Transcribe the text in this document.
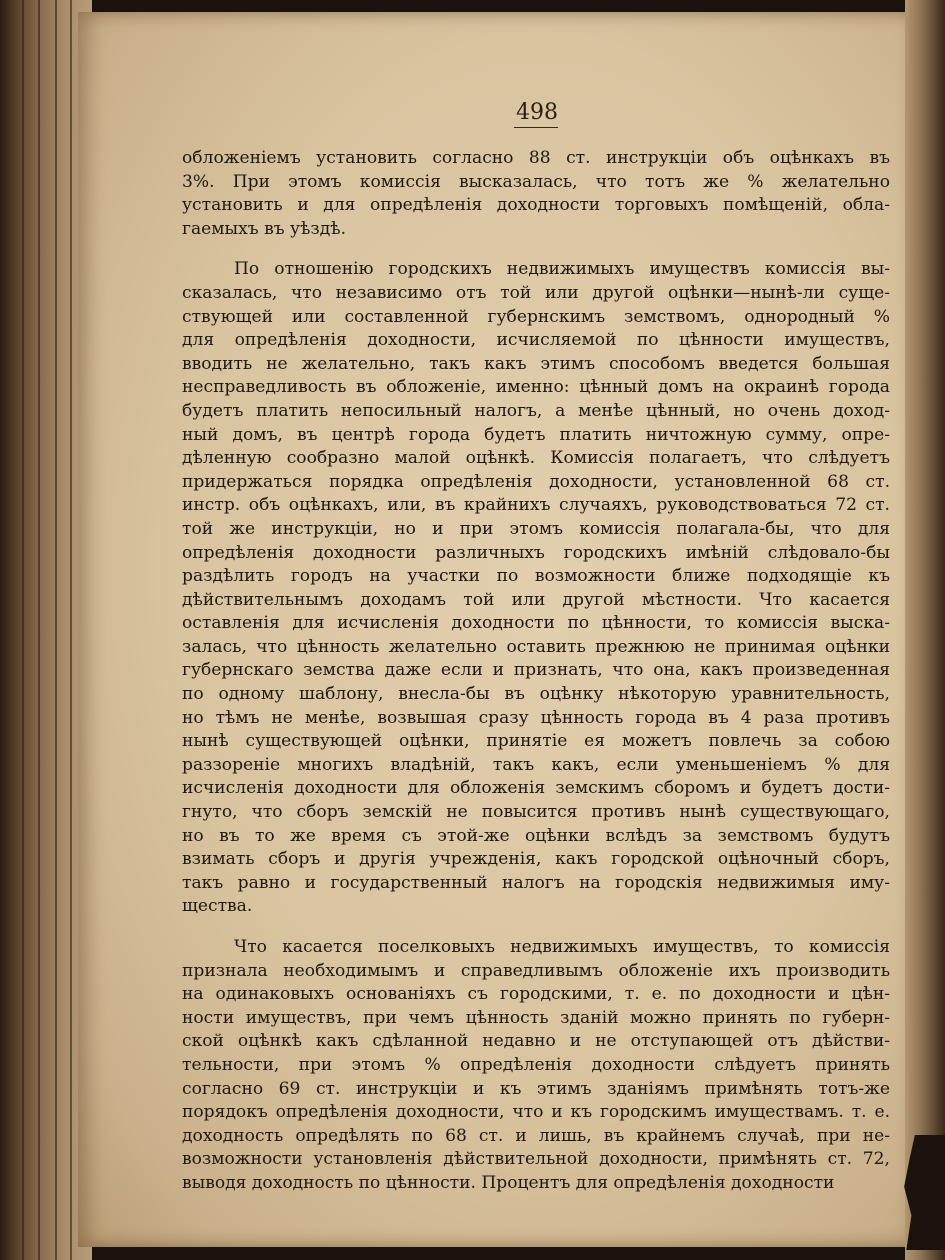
498
обложеніемъ установить согласно 88 ст. инструкціи объ оцѣнкахъ въ
3%. При этомъ комиссія высказалась, что тотъ же % желательно
установить и для опредѣленія доходности торговыхъ помѣщеній, обла-
гаемыхъ въ уѣздѣ.
По отношенію городскихъ недвижимыхъ имуществъ комиссія вы-
сказалась, что независимо отъ той или другой оцѣнки—нынѣ-ли суще-
ствующей или составленной губернскимъ земствомъ, однородный %
для опредѣленія доходности, исчисляемой по цѣнности имуществъ,
вводить не желательно, такъ какъ этимъ способомъ введется большая
несправедливость въ обложеніе, именно: цѣнный домъ на окраинѣ города
будетъ платить непосильный налогъ, а менѣе цѣнный, но очень доход-
ный домъ, въ центрѣ города будетъ платить ничтожную сумму, опре-
дѣленную сообразно малой оцѣнкѣ. Комиссія полагаетъ, что слѣдуетъ
придержаться порядка опредѣленія доходности, установленной 68 ст.
инстр. объ оцѣнкахъ, или, въ крайнихъ случаяхъ, руководствоваться 72 ст.
той же инструкціи, но и при этомъ комиссія полагала-бы, что для
опредѣленія доходности различныхъ городскихъ имѣній слѣдовало-бы
раздѣлить городъ на участки по возможности ближе подходящіе къ
дѣйствительнымъ доходамъ той или другой мѣстности. Что касается
оставленія для исчисленія доходности по цѣнности, то комиссія выска-
залась, что цѣнность желательно оставить прежнюю не принимая оцѣнки
губернскаго земства даже если и признать, что она, какъ произведенная
по одному шаблону, внесла-бы въ оцѣнку нѣкоторую уравнительность,
но тѣмъ не менѣе, возвышая сразу цѣнность города въ 4 раза противъ
нынѣ существующей оцѣнки, принятіе ея можетъ повлечь за собою
раззореніе многихъ владѣній, такъ какъ, если уменьшеніемъ % для
исчисленія доходности для обложенія земскимъ сборомъ и будетъ дости-
гнуто, что сборъ земскій не повысится противъ нынѣ существующаго,
но въ то же время съ этой-же оцѣнки вслѣдъ за земствомъ будутъ
взимать сборъ и другія учрежденія, какъ городской оцѣночный сборъ,
такъ равно и государственный налогъ на городскія недвижимыя иму-
щества.
Что касается поселковыхъ недвижимыхъ имуществъ, то комиссія
признала необходимымъ и справедливымъ обложеніе ихъ производить
на одинаковыхъ основаніяхъ съ городскими, т. е. по доходности и цѣн-
ности имуществъ, при чемъ цѣнность зданій можно принять по губерн-
ской оцѣнкѣ какъ сдѣланной недавно и не отступающей отъ дѣйстви-
тельности, при этомъ % опредѣленія доходности слѣдуетъ принять
согласно 69 ст. инструкціи и къ этимъ зданіямъ примѣнять тотъ-же
порядокъ опредѣленія доходности, что и къ городскимъ имуществамъ. т. е.
доходность опредѣлять по 68 ст. и лишь, въ крайнемъ случаѣ, при не-
возможности установленія дѣйствительной доходности, примѣнять ст. 72,
выводя доходность по цѣнности. Процентъ для опредѣленія доходности
